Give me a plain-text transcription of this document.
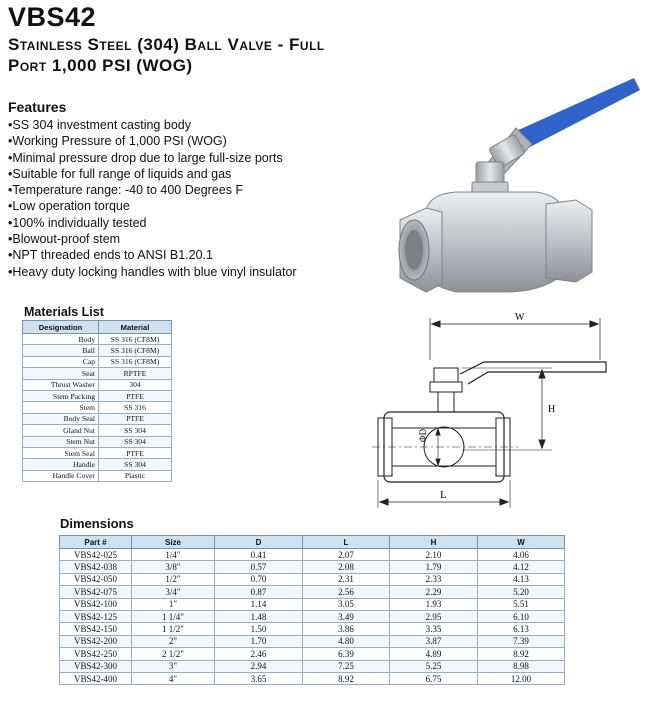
VBS42
Stainless Steel (304) Ball Valve - Full
Port 1,000 PSI (WOG)
Features
• SS 304 investment casting body
• Working Pressure of 1,000 PSI (WOG)
• Minimal pressure drop due to large full-size ports
• Suitable for full range of liquids and gas
• Temperature range: -40 to 400 Degrees F
• Low operation torque
• 100% individually tested
• Blowout-proof stem
• NPT threaded ends to ANSI B1.20.1
• Heavy duty locking handles with blue vinyl insulator
Materials List
Designation	Material
Body	SS 316 (CF8M)
Ball	SS 316 (CF8M)
Cap	SS 316 (CF8M)
Seat	RPTFE
Thrust Washer	304
Stem Packing	PTFE
Stem	SS 316
Body Seal	PTFE
Gland Nut	SS 304
Stem Nut	SS 304
Stem Seal	PTFE
Handle	SS 304
Handle Cover	Plastic
W
H
ΦD
L
Dimensions
Part #	Size	D	L	H	W
VBS42-025	1/4"	0.41	2.07	2.10	4.06
VBS42-038	3/8"	0.57	2.08	1.79	4.12
VBS42-050	1/2"	0.70	2.31	2.33	4.13
VBS42-075	3/4"	0.87	2.56	2.29	5.20
VBS42-100	1"	1.14	3.05	1.93	5.51
VBS42-125	1 1/4"	1.48	3.49	2.95	6.10
VBS42-150	1 1/2"	1.50	3.86	3.35	6.13
VBS42-200	2"	1.70	4.80	3.87	7.39
VBS42-250	2 1/2"	2.46	6.39	4.89	8.92
VBS42-300	3"	2.94	7.25	5.25	8.98
VBS42-400	4"	3.65	8.92	6.75	12.00
